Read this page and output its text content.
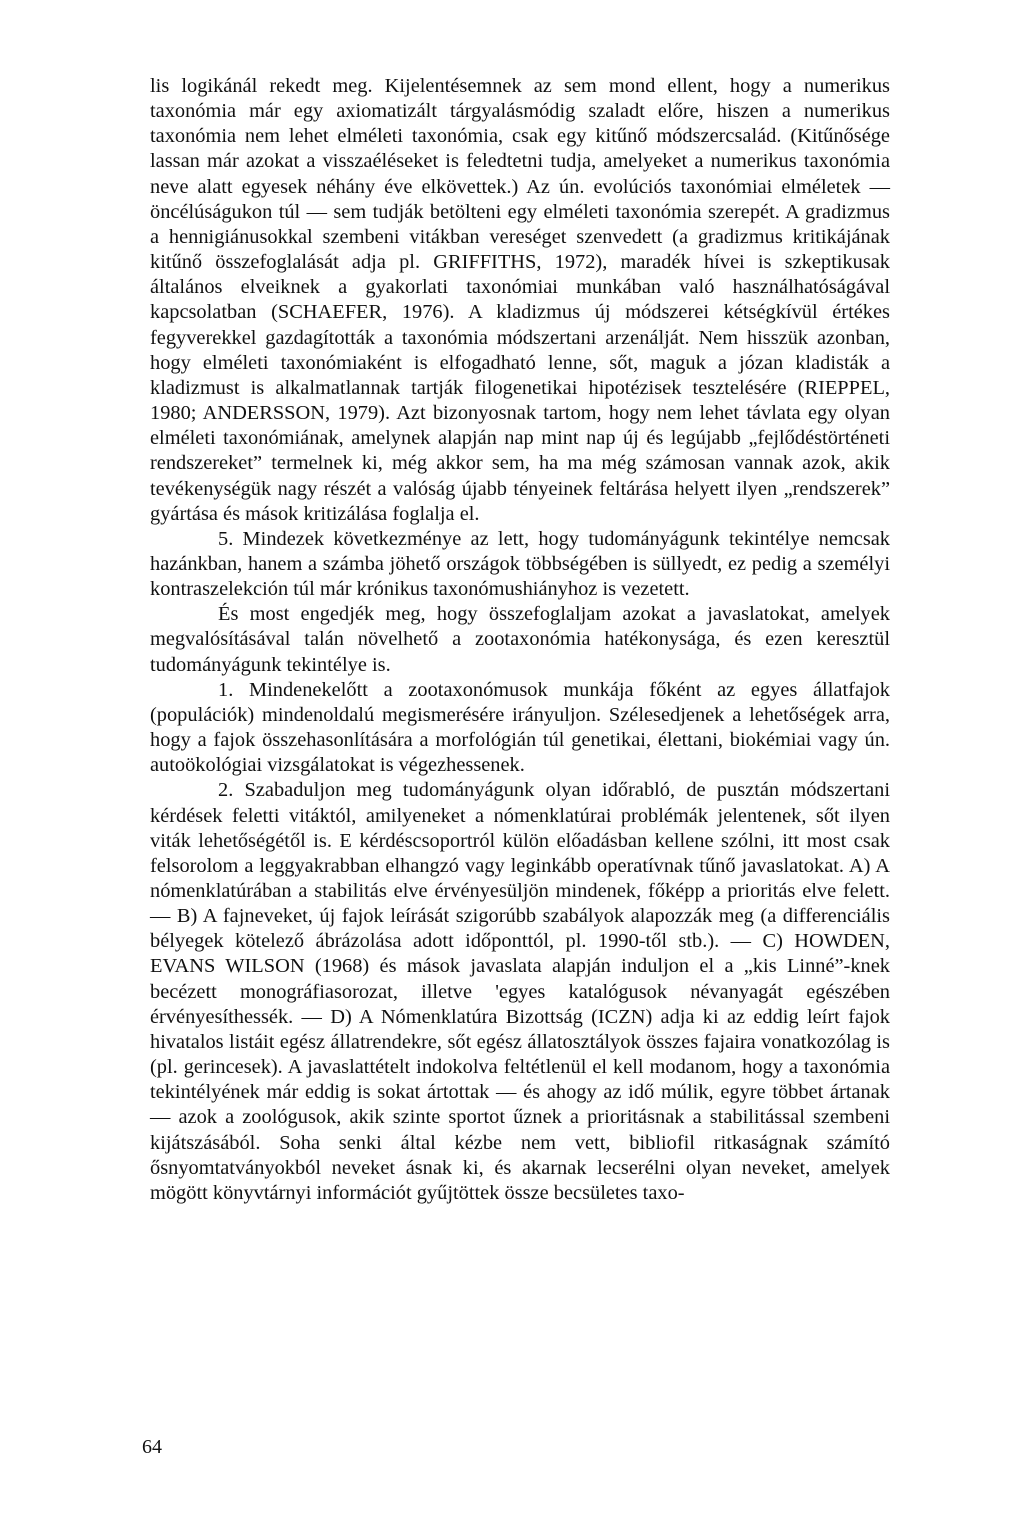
lis logikánál rekedt meg. Kijelentésemnek az sem mond ellent, hogy a numerikus taxonómia már egy axiomatizált tárgyalásmódig szaladt előre, hiszen a numerikus taxonómia nem lehet elméleti taxonómia, csak egy kitűnő módszercsalád. (Kitűnősége lassan már azokat a visszaéléseket is feledtetni tudja, amelyeket a numerikus taxonómia neve alatt egyesek néhány éve elkövettek.) Az ún. evolúciós taxonómiai elméletek — öncélúságukon túl — sem tudják betölteni egy elméleti taxonómia szerepét. A gradizmus a hennigiánusokkal szembeni vitákban vereséget szenvedett (a gradizmus kritikájának kitűnő összefoglalását adja pl. GRIFFITHS, 1972), maradék hívei is szkeptikusak általános elveiknek a gyakorlati taxonómiai munkában való használhatóságával kapcsolatban (SCHAEFER, 1976). A kladizmus új módszerei kétségkívül értékes fegyverekkel gazdagították a taxonómia módszertani arzenálját. Nem hisszük azonban, hogy elméleti taxonómiaként is elfogadható lenne, sőt, maguk a józan kladisták a kladizmust is alkalmatlannak tartják filogenetikai hipotézisek tesztelésére (RIEPPEL, 1980; ANDERSSON, 1979). Azt bizonyosnak tartom, hogy nem lehet távlata egy olyan elméleti taxonómiának, amelynek alapján nap mint nap új és legújabb „fejlődéstörténeti rendszereket” termelnek ki, még akkor sem, ha ma még számosan vannak azok, akik tevékenységük nagy részét a valóság újabb tényeinek feltárása helyett ilyen „rendszerek” gyártása és mások kritizálása foglalja el.

5. Mindezek következménye az lett, hogy tudományágunk tekintélye nemcsak hazánkban, hanem a számba jöhető országok többségében is süllyedt, ez pedig a személyi kontraszelekción túl már krónikus taxonómushiányhoz is vezetett.

És most engedjék meg, hogy összefoglaljam azokat a javaslatokat, amelyek megvalósításával talán növelhető a zootaxonómia hatékonysága, és ezen keresztül tudományágunk tekintélye is.

1. Mindenekelőtt a zootaxonómusok munkája főként az egyes állatfajok (populációk) mindenoldalú megismerésére irányuljon. Szélesedjenek a lehetőségek arra, hogy a fajok összehasonlítására a morfológián túl genetikai, élettani, biokémiai vagy ún. autoökológiai vizsgálatokat is végezhessenek.

2. Szabaduljon meg tudományágunk olyan időrabló, de pusztán módszertani kérdések feletti vitáktól, amilyeneket a nómenklatúrai problémák jelentenek, sőt ilyen viták lehetőségétől is. E kérdéscsoportról külön előadásban kellene szólni, itt most csak felsorolom a leggyakrabban elhangzó vagy leginkább operatívnak tűnő javaslatokat. A) A nómenklatúrában a stabilitás elve érvényesüljön mindenek, főképp a prioritás elve felett. — B) A fajneveket, új fajok leírását szigorúbb szabályok alapozzák meg (a differenciális bélyegek kötelező ábrázolása adott időponttól, pl. 1990-től stb.). — C) HOWDEN, EVANS WILSON (1968) és mások javaslata alapján induljon el a „kis Linné”-knek becézett monográfiasorozat, illetve 'egyes katalógusok névanyagát egészében érvényesíthessék. — D) A Nómenklatúra Bizottság (ICZN) adja ki az eddig leírt fajok hivatalos listáit egész állatrendekre, sőt egész állatosztályok összes fajaira vonatkozólag is (pl. gerincesek). A javaslattételt indokolva feltétlenül el kell modanom, hogy a taxonómia tekintélyének már eddig is sokat ártottak — és ahogy az idő múlik, egyre többet ártanak — azok a zoológusok, akik szinte sportot űznek a prioritásnak a stabilitással szembeni kijátszásából. Soha senki által kézbe nem vett, bibliofil ritkaságnak számító ősnyomtatványokból neveket ásnak ki, és akarnak lecserélni olyan neveket, amelyek mögött könyvtárnyi információt gyűjtöttek össze becsületes taxo-

64
